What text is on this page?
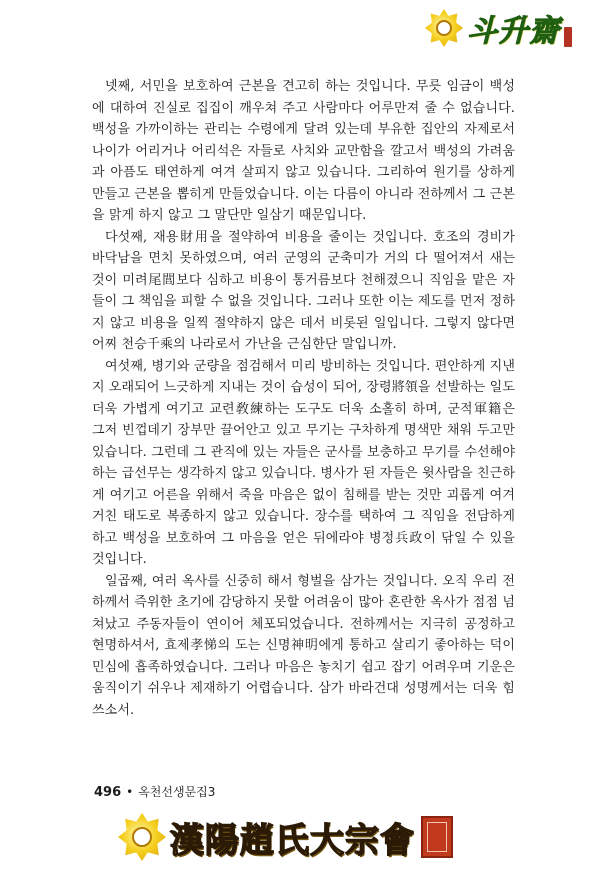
斗升齋

넷째, 서민을 보호하여 근본을 견고히 하는 것입니다. 무릇 임금이 백성에 대하여 진실로 집집이 깨우쳐 주고 사람마다 어루만져 줄 수 없습니다. 백성을 가까이하는 관리는 수령에게 달려 있는데 부유한 집안의 자제로서 나이가 어리거나 어리석은 자들로 사치와 교만함을 깔고서 백성의 가려움과 아픔도 태연하게 여겨 살피지 않고 있습니다. 그리하여 원기를 상하게 만들고 근본을 뽑히게 만들었습니다. 이는 다름이 아니라 전하께서 그 근본을 맑게 하지 않고 그 말단만 일삼기 때문입니다.

다섯째, 재용財用을 절약하여 비용을 줄이는 것입니다. 호조의 경비가 바닥남을 면치 못하였으며, 여러 군영의 군축미가 거의 다 떨어져서 새는 것이 미려尾閭보다 심하고 비용이 통거름보다 천해졌으니 직임을 맡은 자들이 그 책임을 피할 수 없을 것입니다. 그러나 또한 이는 제도를 먼저 정하지 않고 비용을 일찍 절약하지 않은 데서 비롯된 일입니다. 그렇지 않다면 어찌 천승千乘의 나라로서 가난을 근심한단 말입니까.

여섯째, 병기와 군량을 점검해서 미리 방비하는 것입니다. 편안하게 지낸 지 오래되어 느긋하게 지내는 것이 습성이 되어, 장령將領을 선발하는 일도 더욱 가볍게 여기고 교련敎練하는 도구도 더욱 소홀히 하며, 군적軍籍은 그저 빈껍데기 장부만 끌어안고 있고 무기는 구차하게 명색만 채워 두고만 있습니다. 그런데 그 관직에 있는 자들은 군사를 보충하고 무기를 수선해야 하는 급선무는 생각하지 않고 있습니다. 병사가 된 자들은 윗사람을 친근하게 여기고 어른을 위해서 죽을 마음은 없이 침해를 받는 것만 괴롭게 여겨 거친 태도로 복종하지 않고 있습니다. 장수를 택하여 그 직임을 전담하게 하고 백성을 보호하여 그 마음을 얻은 뒤에라야 병정兵政이 닦일 수 있을 것입니다.

일곱째, 여러 옥사를 신중히 해서 형벌을 삼가는 것입니다. 오직 우리 전하께서 즉위한 초기에 감당하지 못할 어려움이 많아 혼란한 옥사가 점점 넘쳐났고 주동자들이 연이어 체포되었습니다. 전하께서는 지극히 공정하고 현명하셔서, 효제孝悌의 도는 신명神明에게 통하고 살리기 좋아하는 덕이 민심에 흡족하였습니다. 그러나 마음은 놓치기 쉽고 잡기 어려우며 기운은 움직이기 쉬우나 제재하기 어렵습니다. 삼가 바라건대 성명께서는 더욱 힘쓰소서.

496 • 옥천선생문집3
漢陽趙氏大宗會
